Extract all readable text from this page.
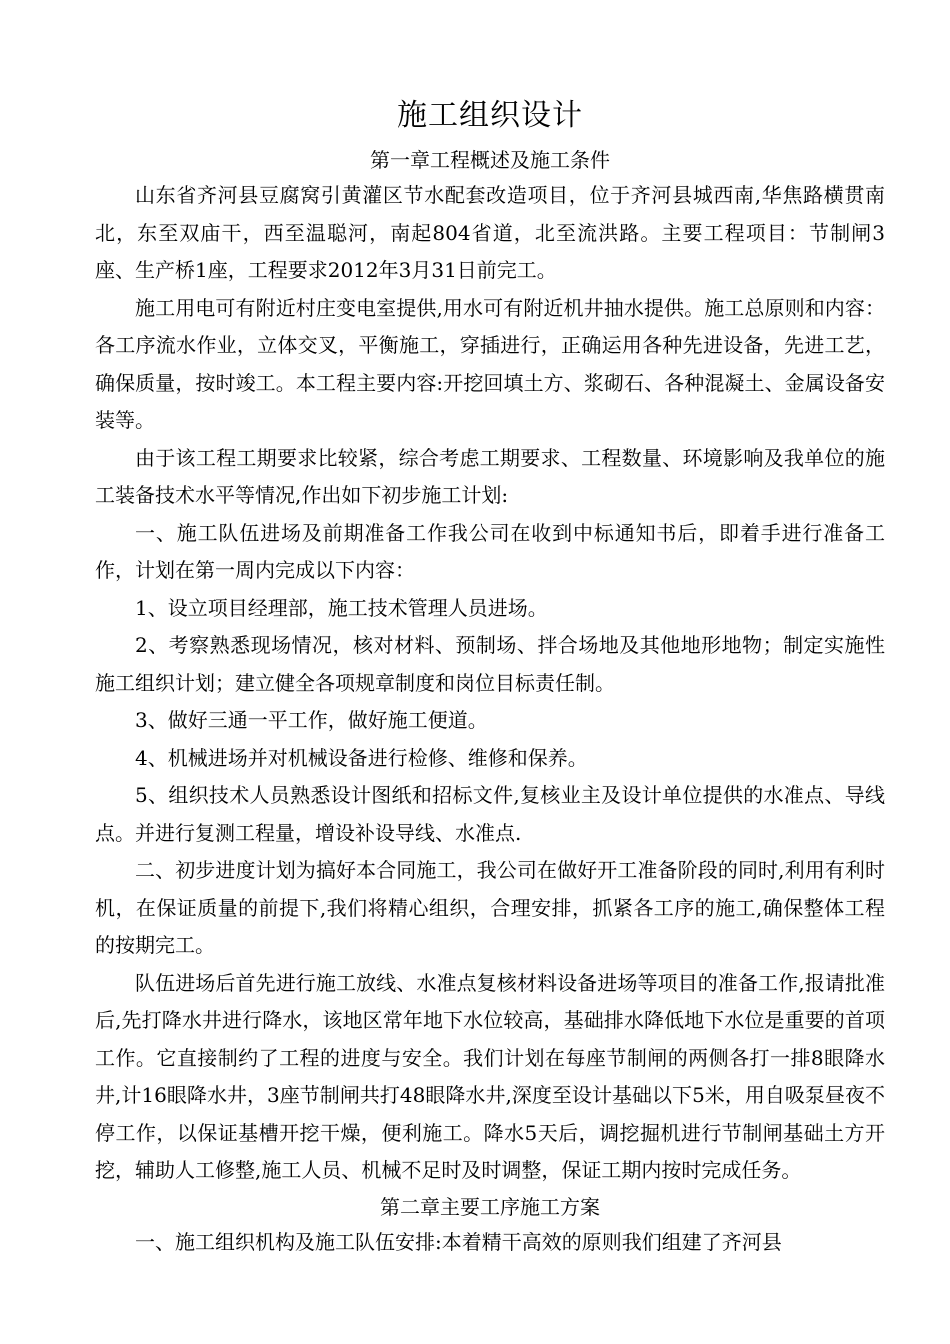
施工组织设计
第一章工程概述及施工条件

山东省齐河县豆腐窝引黄灌区节水配套改造项目，位于齐河县城西南,华焦路横贯南北，东至双庙干，西至温聪河，南起804省道，北至流洪路。主要工程项目：节制闸3座、生产桥1座，工程要求2012年3月31日前完工。

施工用电可有附近村庄变电室提供,用水可有附近机井抽水提供。施工总原则和内容：各工序流水作业，立体交叉，平衡施工，穿插进行，正确运用各种先进设备，先进工艺，确保质量，按时竣工。本工程主要内容:开挖回填土方、浆砌石、各种混凝土、金属设备安装等。

由于该工程工期要求比较紧，综合考虑工期要求、工程数量、环境影响及我单位的施工装备技术水平等情况,作出如下初步施工计划:

一、施工队伍进场及前期准备工作我公司在收到中标通知书后，即着手进行准备工作，计划在第一周内完成以下内容：

1、设立项目经理部，施工技术管理人员进场。

2、考察熟悉现场情况，核对材料、预制场、拌合场地及其他地形地物；制定实施性施工组织计划；建立健全各项规章制度和岗位目标责任制。

3、做好三通一平工作，做好施工便道。

4、机械进场并对机械设备进行检修、维修和保养。

5、组织技术人员熟悉设计图纸和招标文件,复核业主及设计单位提供的水准点、导线点。并进行复测工程量，增设补设导线、水准点.

二、初步进度计划为搞好本合同施工，我公司在做好开工准备阶段的同时,利用有利时机，在保证质量的前提下,我们将精心组织，合理安排，抓紧各工序的施工,确保整体工程的按期完工。

队伍进场后首先进行施工放线、水准点复核材料设备进场等项目的准备工作,报请批准后,先打降水井进行降水，该地区常年地下水位较高，基础排水降低地下水位是重要的首项工作。它直接制约了工程的进度与安全。我们计划在每座节制闸的两侧各打一排8眼降水井,计16眼降水井，3座节制闸共打48眼降水井,深度至设计基础以下5米，用自吸泵昼夜不停工作，以保证基槽开挖干燥，便利施工。降水5天后，调挖掘机进行节制闸基础土方开挖，辅助人工修整,施工人员、机械不足时及时调整，保证工期内按时完成任务。

第二章主要工序施工方案

一、施工组织机构及施工队伍安排:本着精干高效的原则我们组建了齐河县
